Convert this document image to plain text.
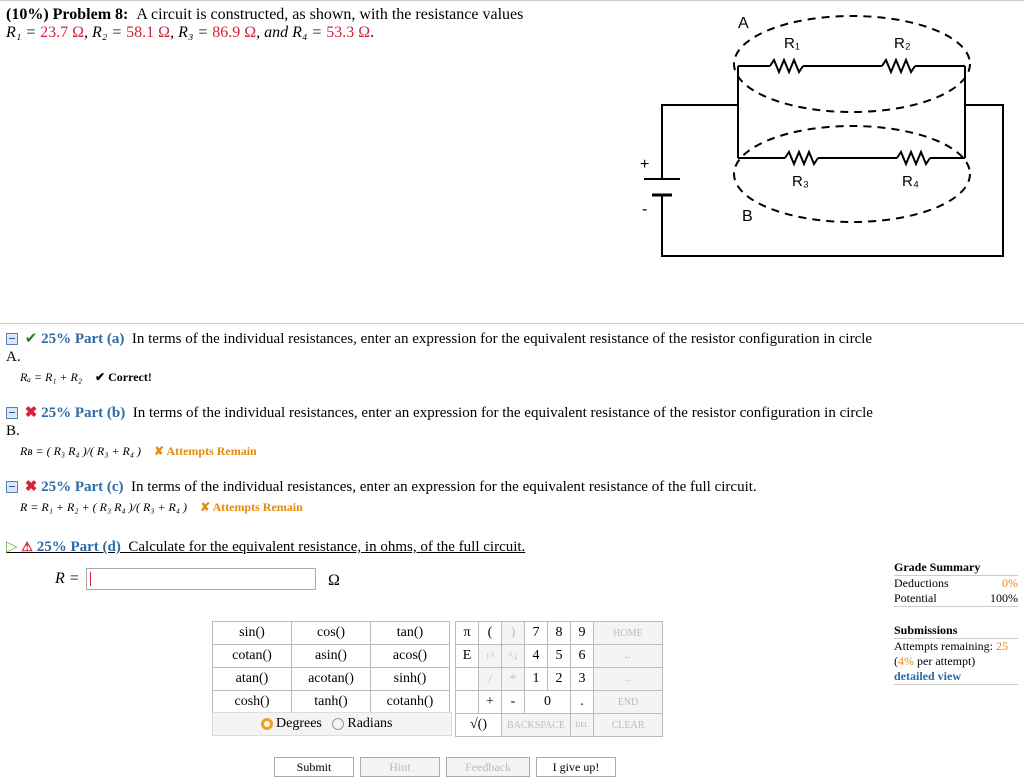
(10%) Problem 8: A circuit is constructed, as shown, with the resistance values
R₁ = 23.7 Ω, R₂ = 58.1 Ω, R₃ = 86.9 Ω, and R₄ = 53.3 Ω.
A
B
R₁	R₂
R₃	R₄
+
-
✔ 25% Part (a) In terms of the individual resistances, enter an expression for the equivalent resistance of the resistor configuration in circle
A.
Rₐ = R₁ + R₂ ✔ Correct!
✖ 25% Part (b) In terms of the individual resistances, enter an expression for the equivalent resistance of the resistor configuration in circle
B.
Rʙ = ( R₃ R₄ )/( R₃ + R₄ ) ✘ Attempts Remain
✖ 25% Part (c) In terms of the individual resistances, enter an expression for the equivalent resistance of the full circuit.
R = R₁ + R₂ + ( R₃ R₄ )/( R₃ + R₄ ) ✘ Attempts Remain
▷ ⚠ 25% Part (d) Calculate for the equivalent resistance, in ohms, of the full circuit.
R =	Ω
sin()	cos()	tan()
cotan()	asin()	acos()
atan()	acotan()	sinh()
cosh()	tanh()	cotanh()
Degrees Radians
π	(	)	7	8	9	HOME
E	↑^	^↓	4	5	6	←
	/	*	1	2	3	→
	+	-	0		.	END
√()		BACKSPACE			DEL	CLEAR
Submit	Hint	Feedback	I give up!
Grade Summary
Deductions	0%
Potential	100%
Submissions
Attempts remaining: 25
(4% per attempt)
detailed view
